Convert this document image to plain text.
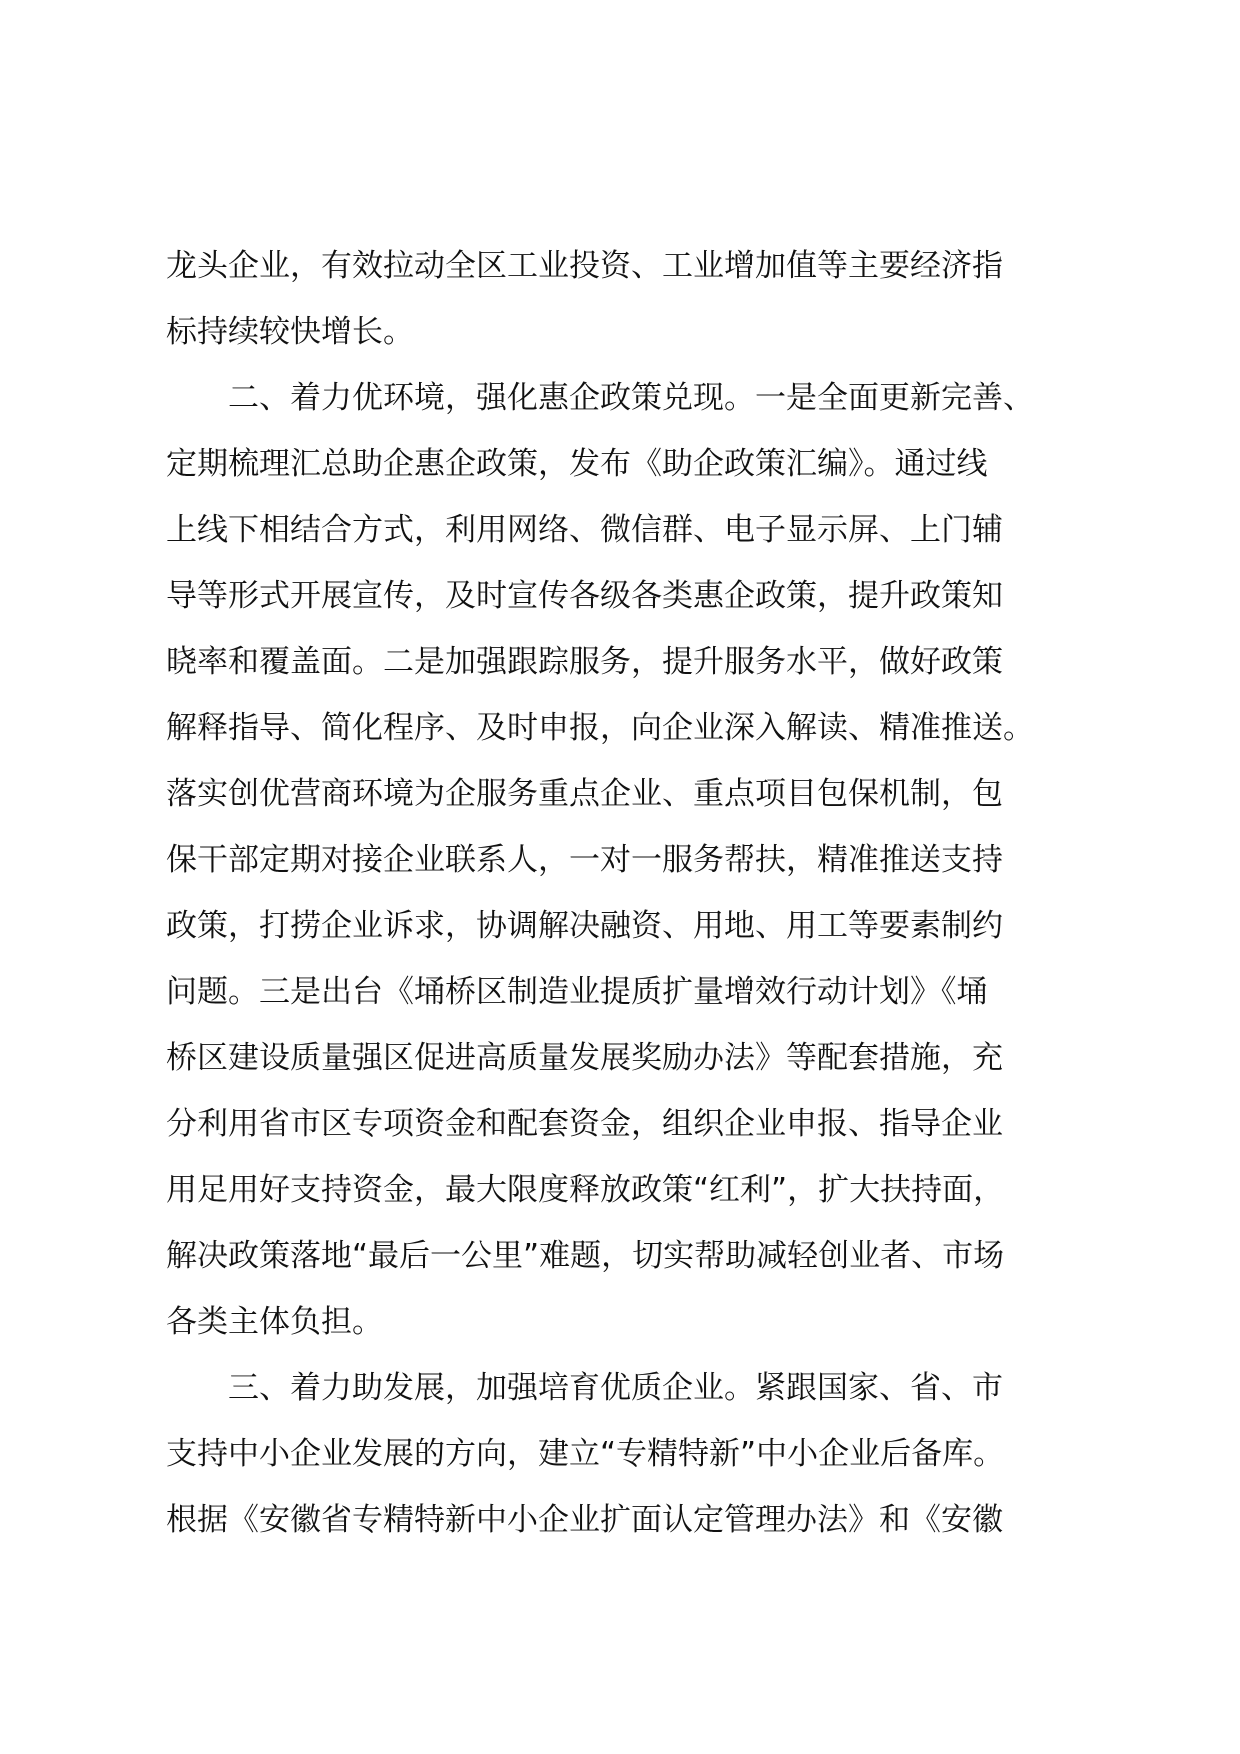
龙头企业，有效拉动全区工业投资、工业增加值等主要经济指
标持续较快增长。
　　二、着力优环境，强化惠企政策兑现。一是全面更新完善、
定期梳理汇总助企惠企政策，发布《助企政策汇编》。通过线
上线下相结合方式，利用网络、微信群、电子显示屏、上门辅
导等形式开展宣传，及时宣传各级各类惠企政策，提升政策知
晓率和覆盖面。二是加强跟踪服务，提升服务水平，做好政策
解释指导、简化程序、及时申报，向企业深入解读、精准推送。
落实创优营商环境为企服务重点企业、重点项目包保机制，包
保干部定期对接企业联系人，一对一服务帮扶，精准推送支持
政策，打捞企业诉求，协调解决融资、用地、用工等要素制约
问题。三是出台《埇桥区制造业提质扩量增效行动计划》《埇
桥区建设质量强区促进高质量发展奖励办法》等配套措施，充
分利用省市区专项资金和配套资金，组织企业申报、指导企业
用足用好支持资金，最大限度释放政策“红利”，扩大扶持面，
解决政策落地“最后一公里”难题，切实帮助减轻创业者、市场
各类主体负担。
　　三、着力助发展，加强培育优质企业。紧跟国家、省、市
支持中小企业发展的方向，建立“专精特新”中小企业后备库。
根据《安徽省专精特新中小企业扩面认定管理办法》和《安徽
